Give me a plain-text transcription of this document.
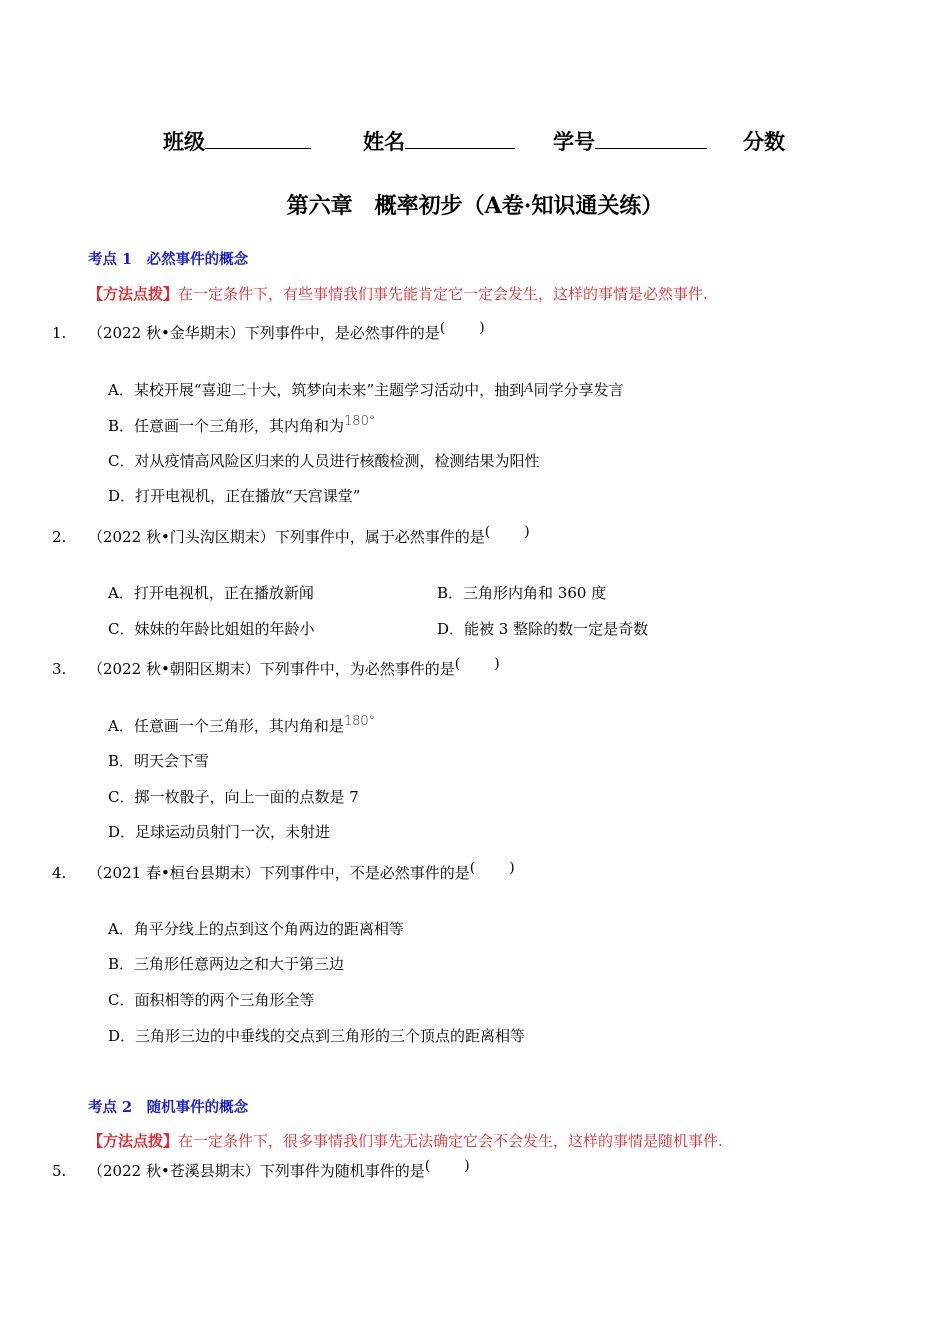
班级	姓名	学号	分数
第六章　概率初步（A卷·知识通关练）
考点 1　必然事件的概念
【方法点拨】在一定条件下，有些事情我们事先能肯定它一定会发生，这样的事情是必然事件.
1. （2022 秋•金华期末）下列事件中，是必然事件的是( )
A．某校开展“喜迎二十大，筑梦向未来”主题学习活动中，抽到A同学分享发言
B．任意画一个三角形，其内角和为180°
C．对从疫情高风险区归来的人员进行核酸检测，检测结果为阳性
D．打开电视机，正在播放“天宫课堂”
2. （2022 秋•门头沟区期末）下列事件中，属于必然事件的是( )
A．打开电视机，正在播放新闻	B．三角形内角和 360 度
C．妹妹的年龄比姐姐的年龄小	D．能被 3 整除的数一定是奇数
3. （2022 秋•朝阳区期末）下列事件中，为必然事件的是( )
A．任意画一个三角形，其内角和是180°
B．明天会下雪
C．掷一枚骰子，向上一面的点数是 7
D．足球运动员射门一次，未射进
4. （2021 春•桓台县期末）下列事件中，不是必然事件的是( )
A．角平分线上的点到这个角两边的距离相等
B．三角形任意两边之和大于第三边
C．面积相等的两个三角形全等
D．三角形三边的中垂线的交点到三角形的三个顶点的距离相等
考点 2　随机事件的概念
【方法点拨】在一定条件下，很多事情我们事先无法确定它会不会发生，这样的事情是随机事件.
5. （2022 秋•苍溪县期末）下列事件为随机事件的是( )
